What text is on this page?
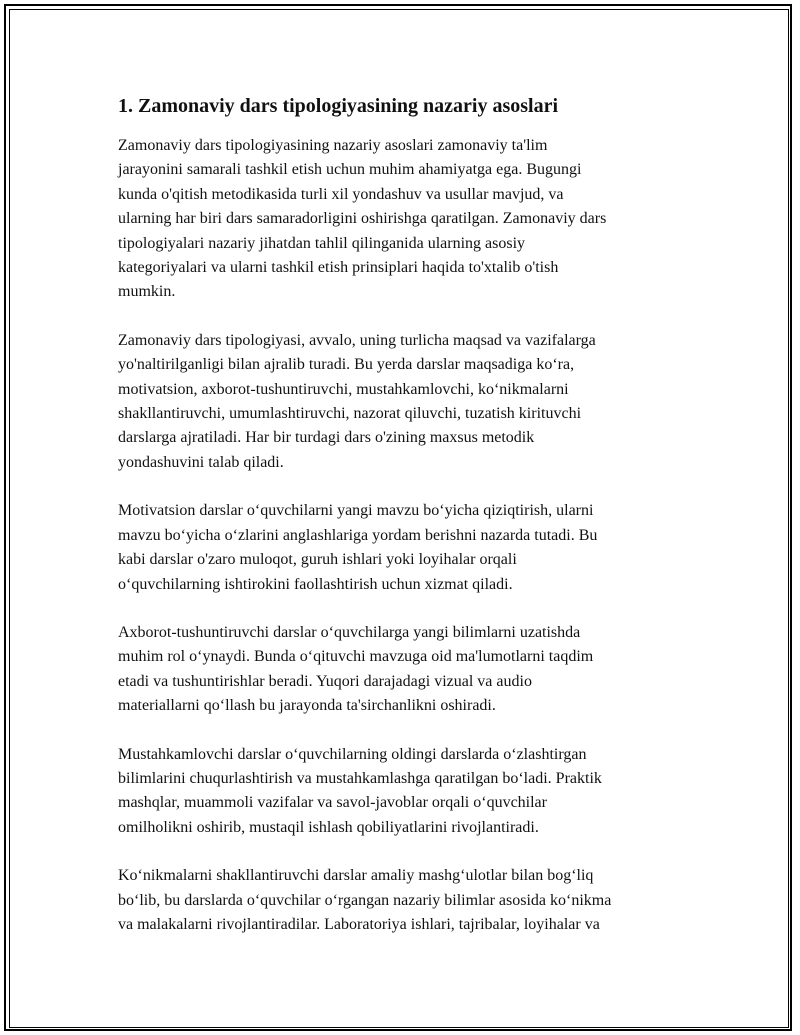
1. Zamonaviy dars tipologiyasining nazariy asoslari

Zamonaviy dars tipologiyasining nazariy asoslari zamonaviy ta'lim
jarayonini samarali tashkil etish uchun muhim ahamiyatga ega. Bugungi
kunda o'qitish metodikasida turli xil yondashuv va usullar mavjud, va
ularning har biri dars samaradorligini oshirishga qaratilgan. Zamonaviy dars
tipologiyalari nazariy jihatdan tahlil qilinganida ularning asosiy
kategoriyalari va ularni tashkil etish prinsiplari haqida to'xtalib o'tish
mumkin.

Zamonaviy dars tipologiyasi, avvalo, uning turlicha maqsad va vazifalarga
yo'naltirilganligi bilan ajralib turadi. Bu yerda darslar maqsadiga ko‘ra,
motivatsion, axborot-tushuntiruvchi, mustahkamlovchi, ko‘nikmalarni
shakllantiruvchi, umumlashtiruvchi, nazorat qiluvchi, tuzatish kirituvchi
darslarga ajratiladi. Har bir turdagi dars o'zining maxsus metodik
yondashuvini talab qiladi.

Motivatsion darslar o‘quvchilarni yangi mavzu bo‘yicha qiziqtirish, ularni
mavzu bo‘yicha o‘zlarini anglashlariga yordam berishni nazarda tutadi. Bu
kabi darslar o'zaro muloqot, guruh ishlari yoki loyihalar orqali
o‘quvchilarning ishtirokini faollashtirish uchun xizmat qiladi.

Axborot-tushuntiruvchi darslar o‘quvchilarga yangi bilimlarni uzatishda
muhim rol o‘ynaydi. Bunda o‘qituvchi mavzuga oid ma'lumotlarni taqdim
etadi va tushuntirishlar beradi. Yuqori darajadagi vizual va audio
materiallarni qo‘llash bu jarayonda ta'sirchanlikni oshiradi.

Mustahkamlovchi darslar o‘quvchilarning oldingi darslarda o‘zlashtirgan
bilimlarini chuqurlashtirish va mustahkamlashga qaratilgan bo‘ladi. Praktik
mashqlar, muammoli vazifalar va savol-javoblar orqali o‘quvchilar
omilholikni oshirib, mustaqil ishlash qobiliyatlarini rivojlantiradi.

Ko‘nikmalarni shakllantiruvchi darslar amaliy mashg‘ulotlar bilan bog‘liq
bo‘lib, bu darslarda o‘quvchilar o‘rgangan nazariy bilimlar asosida ko‘nikma
va malakalarni rivojlantiradilar. Laboratoriya ishlari, tajribalar, loyihalar va
